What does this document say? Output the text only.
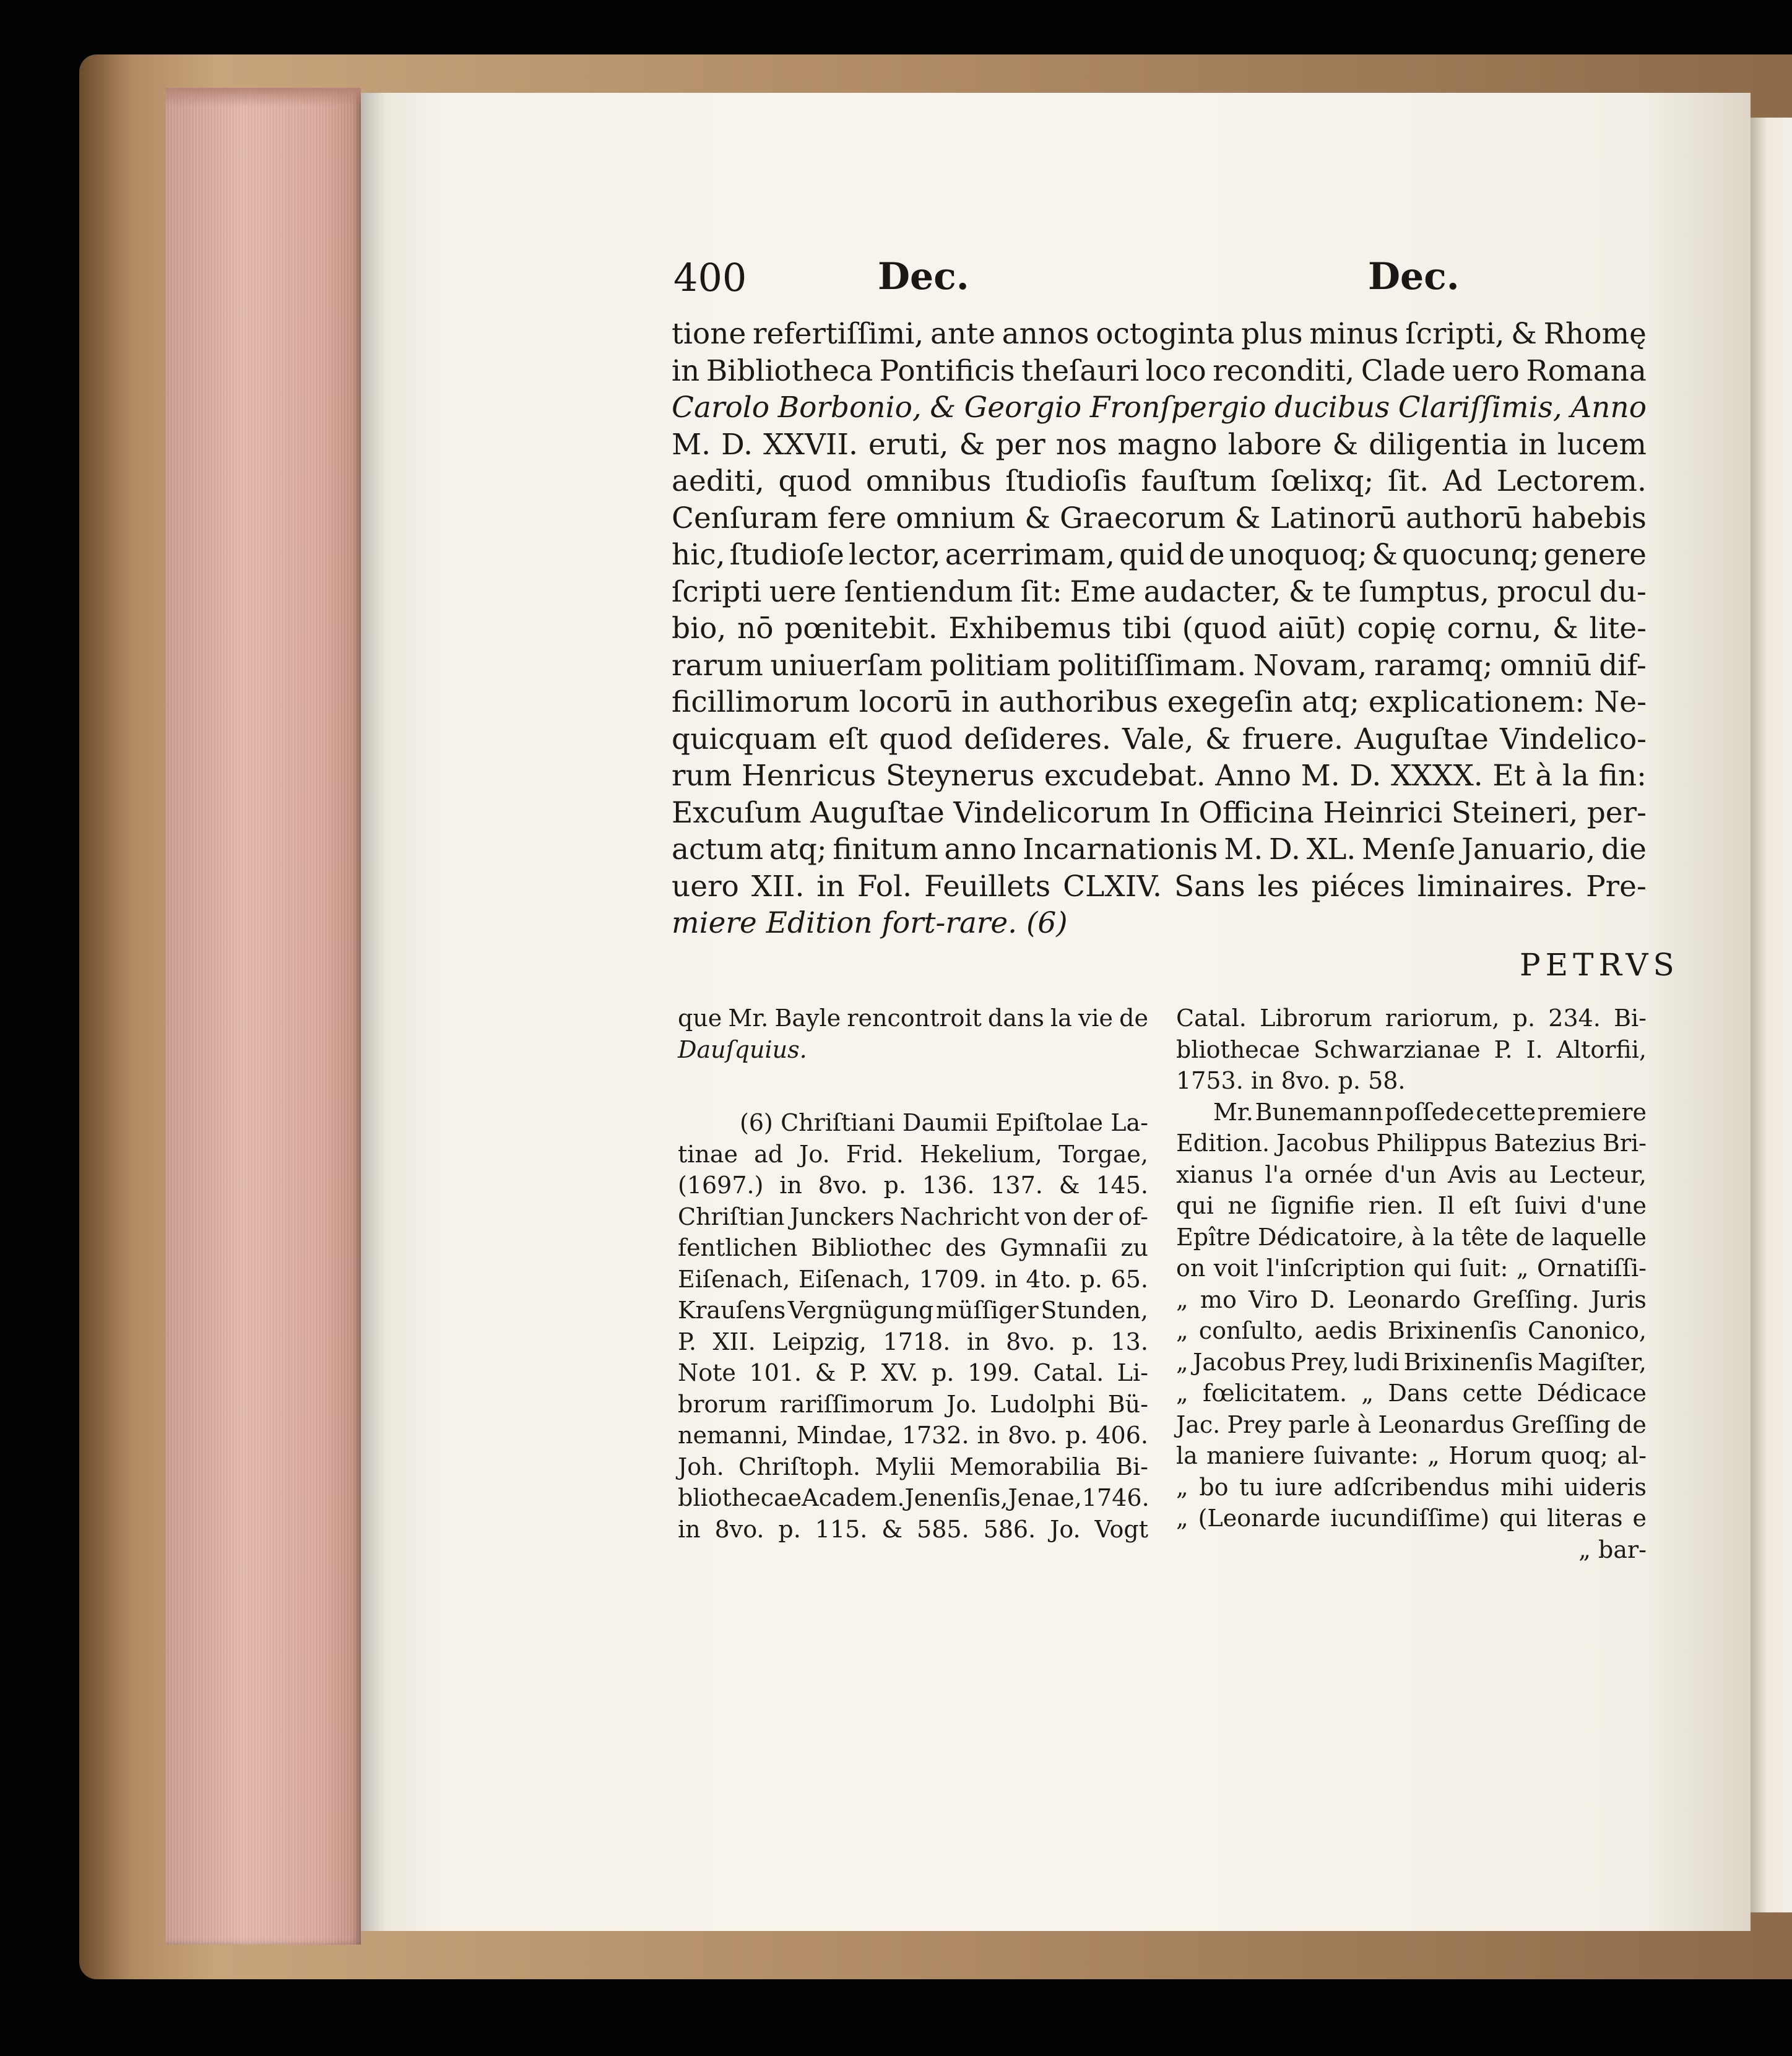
400	Dec.	Dec.
tione refertiſſimi, ante annos octoginta plus minus ſcripti, & Rhomę
in Bibliotheca Pontificis theſauri loco reconditi, Clade uero Romana
Carolo Borbonio, & Georgio Fronſpergio ducibus Clariſſimis, Anno
M. D. XXVII. eruti, & per nos magno labore & diligentia in lucem
aediti, quod omnibus ſtudioſis fauſtum ſœlixq; ſit. Ad Lectorem.
Cenſuram fere omnium & Graecorum & Latinorū authorū habebis
hic, ſtudioſe lector, acerrimam, quid de unoquoq; & quocunq; genere
ſcripti uere ſentiendum ſit: Eme audacter, & te ſumptus, procul du-
bio, nō pœnitebit. Exhibemus tibi (quod aiūt) copię cornu, & lite-
rarum uniuerſam politiam politiſſimam. Novam, raramq; omniū dif-
ficillimorum locorū in authoribus exegeſin atq; explicationem: Ne-
quicquam eſt quod deſideres. Vale, & fruere. Auguſtae Vindelico-
rum Henricus Steynerus excudebat. Anno M. D. XXXX. Et à la fin:
Excuſum Auguſtae Vindelicorum In Officina Heinrici Steineri, per-
actum atq; finitum anno Incarnationis M. D. XL. Menſe Januario, die
uero XII. in Fol. Feuillets CLXIV. Sans les piéces liminaires. Pre-
miere Edition fort-rare. (6)
PETRVS
que Mr. Bayle rencontroit dans la vie de
Dauſquius.
(6) Chriſtiani Daumii Epiſtolae La-
tinae ad Jo. Frid. Hekelium, Torgae,
(1697.) in 8vo. p. 136. 137. & 145.
Chriſtian Junckers Nachricht von der of-
fentlichen Bibliothec des Gymnaſii zu
Eiſenach, Eiſenach, 1709. in 4to. p. 65.
Krauſens Vergnügung müſſiger Stunden,
P. XII. Leipzig, 1718. in 8vo. p. 13.
Note 101. & P. XV. p. 199. Catal. Li-
brorum rariſſimorum Jo. Ludolphi Bü-
nemanni, Mindae, 1732. in 8vo. p. 406.
Joh. Chriſtoph. Mylii Memorabilia Bi-
bliothecae Academ. Jenenſis, Jenae, 1746.
in 8vo. p. 115. & 585. 586. Jo. Vogt
Catal. Librorum rariorum, p. 234. Bi-
bliothecae Schwarzianae P. I. Altorfii,
1753. in 8vo. p. 58.
Mr. Bunemann poſſede cette premiere
Edition. Jacobus Philippus Batezius Bri-
xianus l'a ornée d'un Avis au Lecteur,
qui ne ſignifie rien. Il eſt ſuivi d'une
Epître Dédicatoire, à la tête de laquelle
on voit l'inſcription qui ſuit: „ Ornatiſſi-
„ mo Viro D. Leonardo Greſſing. Juris
„ conſulto, aedis Brixinenſis Canonico,
„ Jacobus Prey, ludi Brixinenſis Magiſter,
„ fœlicitatem. „ Dans cette Dédicace
Jac. Prey parle à Leonardus Greſſing de
la maniere ſuivante: „ Horum quoq; al-
„ bo tu iure adſcribendus mihi uideris
„ (Leonarde iucundiſſime) qui literas e
„ bar-
